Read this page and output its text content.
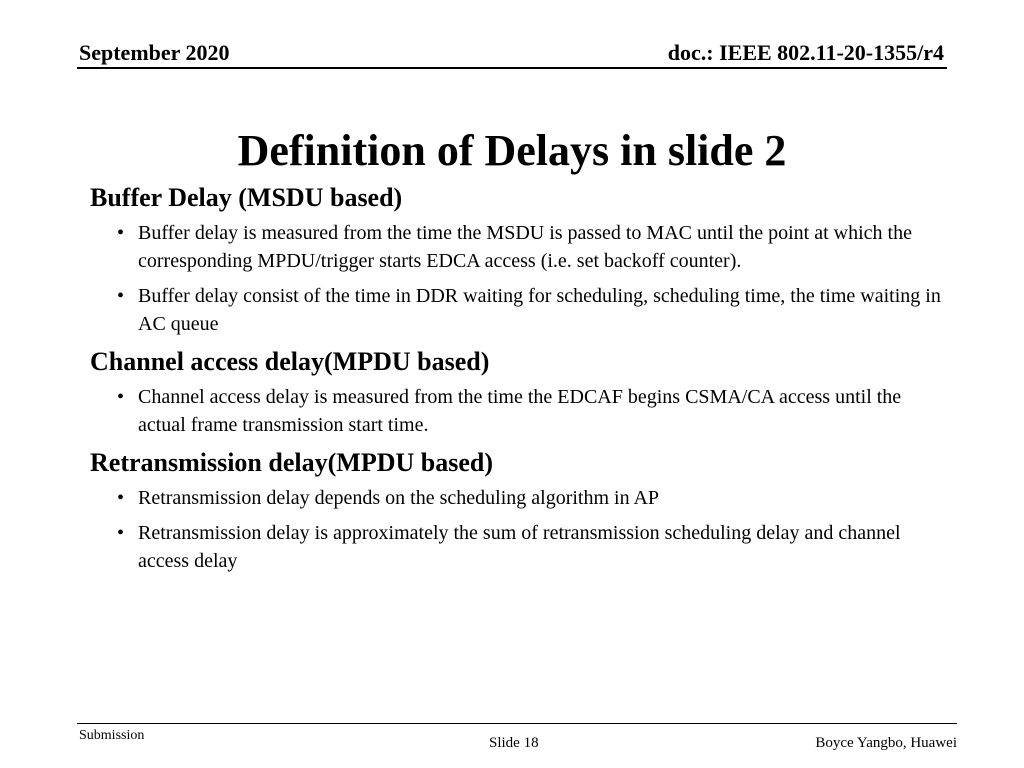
September 2020	doc.: IEEE 802.11-20-1355/r4
Definition of Delays in slide 2
Buffer Delay (MSDU based)
• Buffer delay is measured from the time the MSDU is passed to MAC until the point at which the corresponding MPDU/trigger starts EDCA access (i.e. set backoff counter).
• Buffer delay consist of the time in DDR waiting for scheduling, scheduling time, the time waiting in AC queue
Channel access delay(MPDU based)
• Channel access delay is measured from the time the EDCAF begins CSMA/CA access until the actual frame transmission start time.
Retransmission delay(MPDU based)
• Retransmission delay depends on the scheduling algorithm in AP
• Retransmission delay is approximately the sum of retransmission scheduling delay and channel access delay
Submission	Slide 18	Boyce Yangbo, Huawei
